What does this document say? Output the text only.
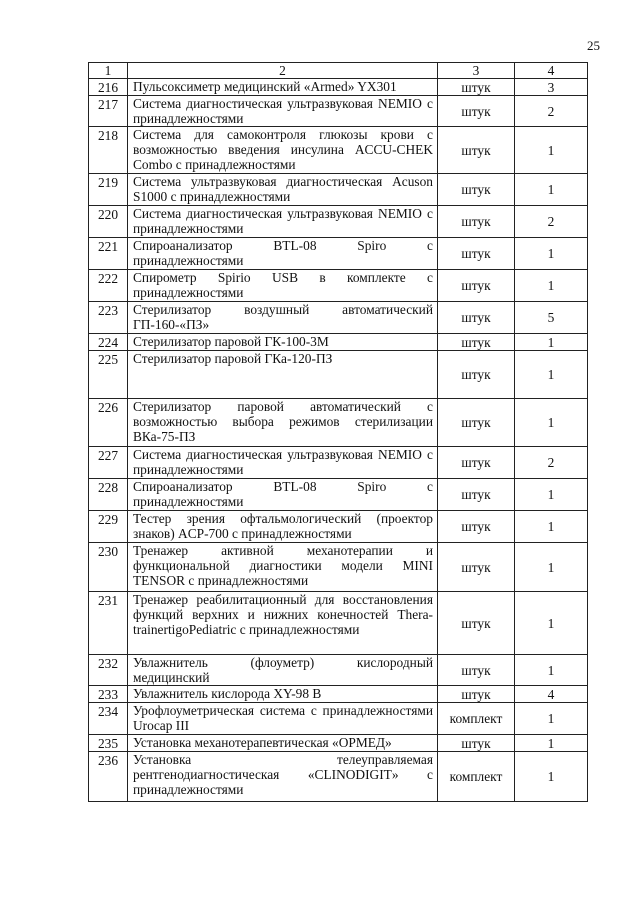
25
1	2	3	4
216	Пульсоксиметр медицинский «Armed» YX301	штук	3
217	Система диагностическая ультразвуковая NEMIO с принадлежностями	штук	2
218	Система для самоконтроля глюкозы крови с возможностью введения инсулина ACCU-CHEK Combo с принадлежностями	штук	1
219	Система ультразвуковая диагностическая Acuson S1000 с принадлежностями	штук	1
220	Система диагностическая ультразвуковая NEMIO с принадлежностями	штук	2
221	Спироанализатор BTL-08 Spiro с принадлежностями	штук	1
222	Спирометр Spirio USB в комплекте с принадлежностями	штук	1
223	Стерилизатор воздушный автоматический ГП-160-«ПЗ»	штук	5
224	Стерилизатор паровой ГК-100-3М	штук	1
225	Стерилизатор паровой ГКа-120-ПЗ	штук	1
226	Стерилизатор паровой автоматический с возможностью выбора режимов стерилизации ВКа-75-ПЗ	штук	1
227	Система диагностическая ультразвуковая NEMIO с принадлежностями	штук	2
228	Спироанализатор BTL-08 Spiro с принадлежностями	штук	1
229	Тестер зрения офтальмологический (проектор знаков) ACP-700 с принадлежностями	штук	1
230	Тренажер активной механотерапии и функциональной диагностики модели MINI TENSOR с принадлежностями	штук	1
231	Тренажер реабилитационный для восстановления функций верхних и нижних конечностей Thera-trainertigoPediatric с принадлежностями	штук	1
232	Увлажнитель (флоуметр) кислородный медицинский	штук	1
233	Увлажнитель кислорода XY-98 B	штук	4
234	Урофлоуметрическая система с принадлежностями Urocap III	комплект	1
235	Установка механотерапевтическая «ОРМЕД»	штук	1
236	Установка телеуправляемая рентгенодиагностическая «CLINODIGIT» с принадлежностями	комплект	1
